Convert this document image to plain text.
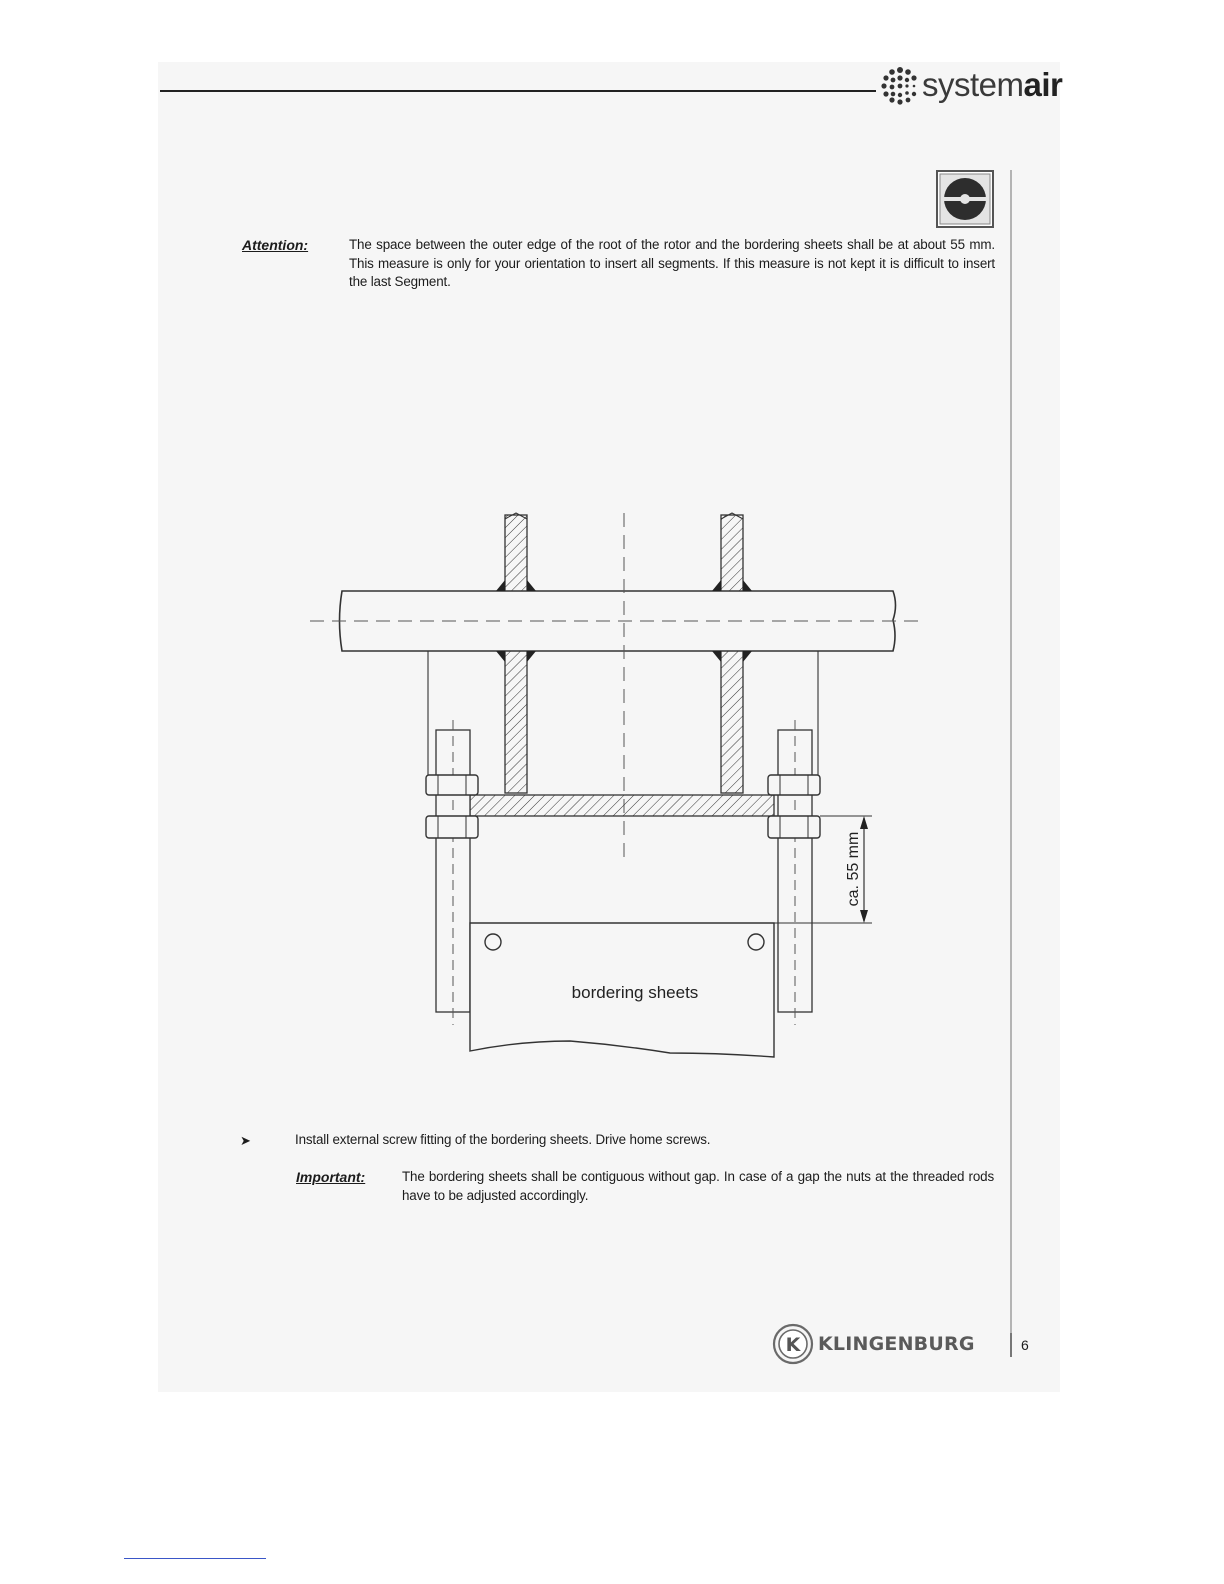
systemair
Attention:	The space between the outer edge of the root of the rotor and the bordering sheets shall be at about 55 mm. This measure is only for your orientation to insert all segments. If this measure is not kept it is difficult to insert the last Segment.
bordering sheets
ca. 55 mm
➤	Install external screw fitting of the bordering sheets. Drive home screws.
Important:	The bordering sheets shall be contiguous without gap. In case of a gap the nuts at the threaded rods have to be adjusted accordingly.
K KLINGENBURG	6
